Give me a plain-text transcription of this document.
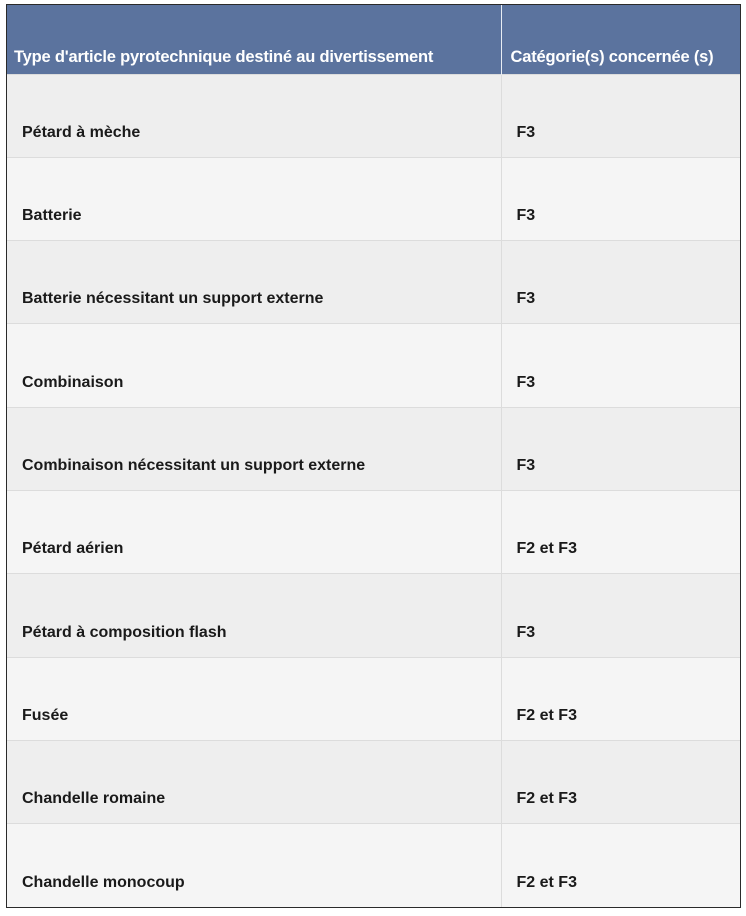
Type d'article pyrotechnique destiné au divertissement	Catégorie(s) concernée (s)
Pétard à mèche	F3
Batterie	F3
Batterie nécessitant un support externe	F3
Combinaison	F3
Combinaison nécessitant un support externe	F3
Pétard aérien	F2 et F3
Pétard à composition flash	F3
Fusée	F2 et F3
Chandelle romaine	F2 et F3
Chandelle monocoup	F2 et F3
